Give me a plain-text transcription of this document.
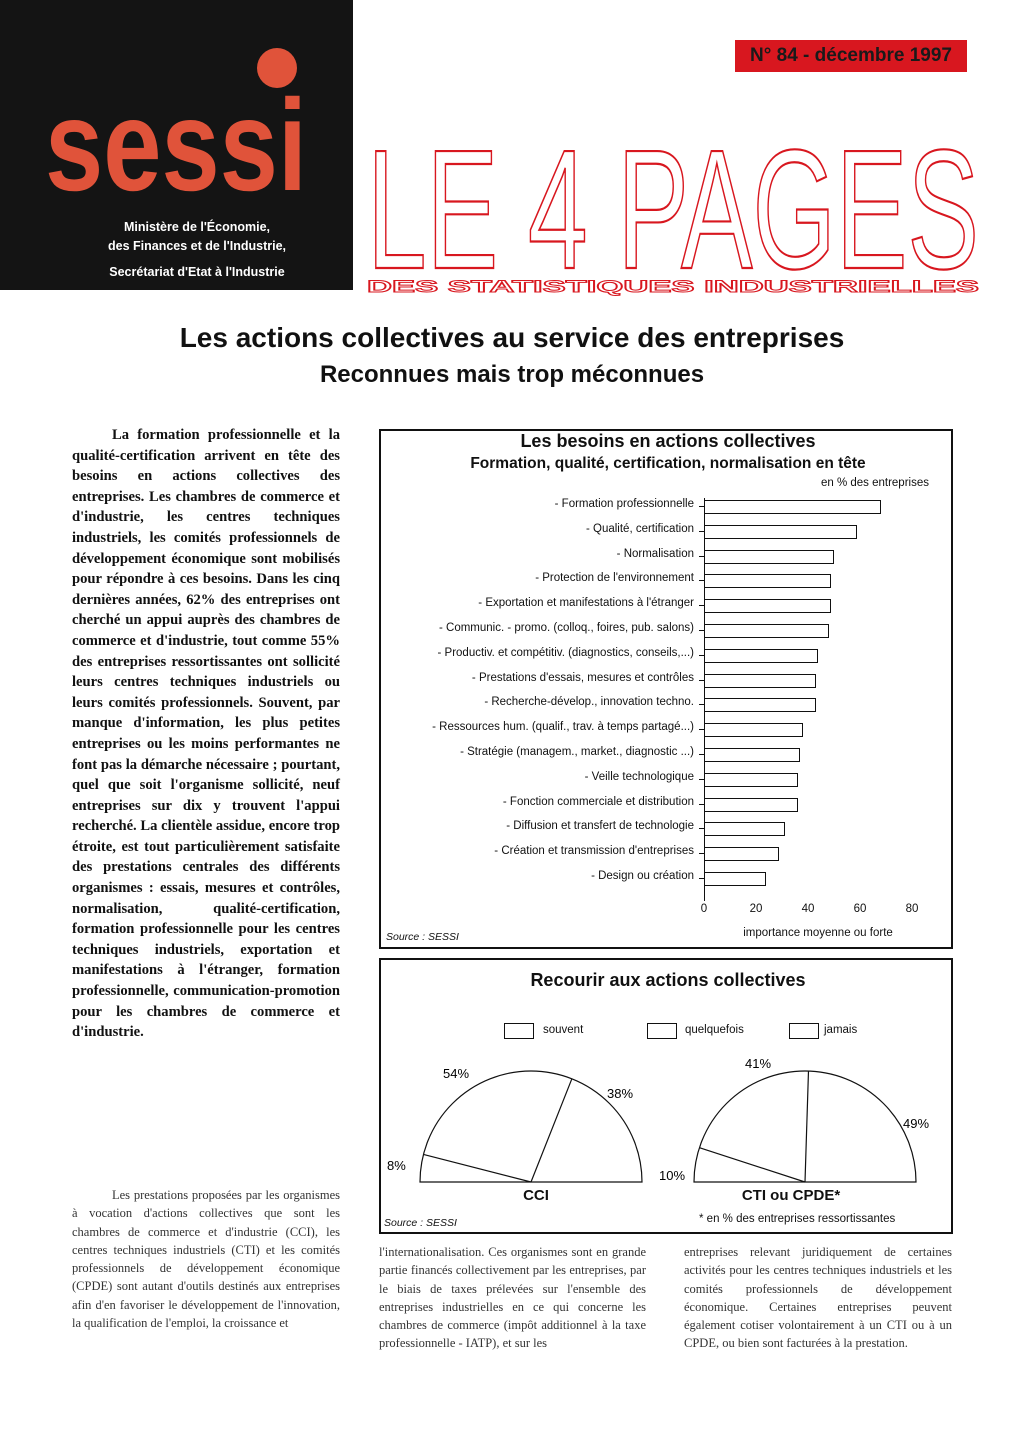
sessi
Ministère de l'Économie,
des Finances et de l'Industrie,
Secrétariat d'Etat à l'Industrie
N° 84 - décembre 1997
LE 4 PAGES
DES STATISTIQUES INDUSTRIELLES
Les actions collectives au service des entreprises
Reconnues mais trop méconnues

La formation professionnelle et la qualité-certification arrivent en tête des besoins en actions collectives des entreprises. Les chambres de commerce et d'industrie, les centres techniques industriels, les comités professionnels de développement économique sont mobilisés pour répondre à ces besoins. Dans les cinq dernières années, 62% des entreprises ont cherché un appui auprès des chambres de commerce et d'industrie, tout comme 55% des entreprises ressortissantes ont sollicité leurs centres techniques industriels ou leurs comités professionnels. Souvent, par manque d'information, les plus petites entreprises ou les moins performantes ne font pas la démarche nécessaire ; pourtant, quel que soit l'organisme sollicité, neuf entreprises sur dix y trouvent l'appui recherché. La clientèle assidue, encore trop étroite, est tout particulièrement satisfaite des prestations centrales des différents organismes : essais, mesures et contrôles, normalisation, qualité-certification, formation professionnelle pour les centres techniques industriels, exportation et manifestations à l'étranger, formation professionnelle, communication-promotion pour les chambres de commerce et d'industrie.

Les prestations proposées par les organismes à vocation d'actions collectives que sont les chambres de commerce et d'industrie (CCI), les centres techniques industriels (CTI) et les comités professionnels de développement économique (CPDE) sont autant d'outils destinés aux entreprises afin d'en favoriser le développement de l'innovation, la qualification de l'emploi, la croissance et

l'internationalisation. Ces organismes sont en grande partie financés collectivement par les entreprises, par le biais de taxes prélevées sur l'ensemble des entreprises industrielles en ce qui concerne les chambres de commerce (impôt additionnel à la taxe professionnelle - IATP), et sur les

entreprises relevant juridiquement de certaines activités pour les centres techniques industriels et les comités professionnels de développement économique. Certaines entreprises peuvent également cotiser volontairement à un CTI ou à un CPDE, ou bien sont facturées à la prestation.

Les besoins en actions collectives
Formation, qualité, certification, normalisation en tête
en % des entreprises
- Formation professionnelle
- Qualité, certification
- Normalisation
- Protection de l'environnement
- Exportation et manifestations à l'étranger
- Communic. - promo. (colloq., foires, pub. salons)
- Productiv. et compétitiv. (diagnostics, conseils,...)
- Prestations d'essais, mesures et contrôles
- Recherche-dévelop., innovation techno.
- Ressources hum. (qualif., trav. à temps partagé...)
- Stratégie (managem., market., diagnostic ...)
- Veille technologique
- Fonction commerciale et distribution
- Diffusion et transfert de technologie
- Création et transmission d'entreprises
- Design ou création
0	20	40	60	80
Source : SESSI	importance moyenne ou forte
Recourir aux actions collectives
souvent	quelquefois	jamais
8%
54%
38%
10%
41%
49%
CCI	CTI ou CPDE*
Source : SESSI	* en % des entreprises ressortissantes
